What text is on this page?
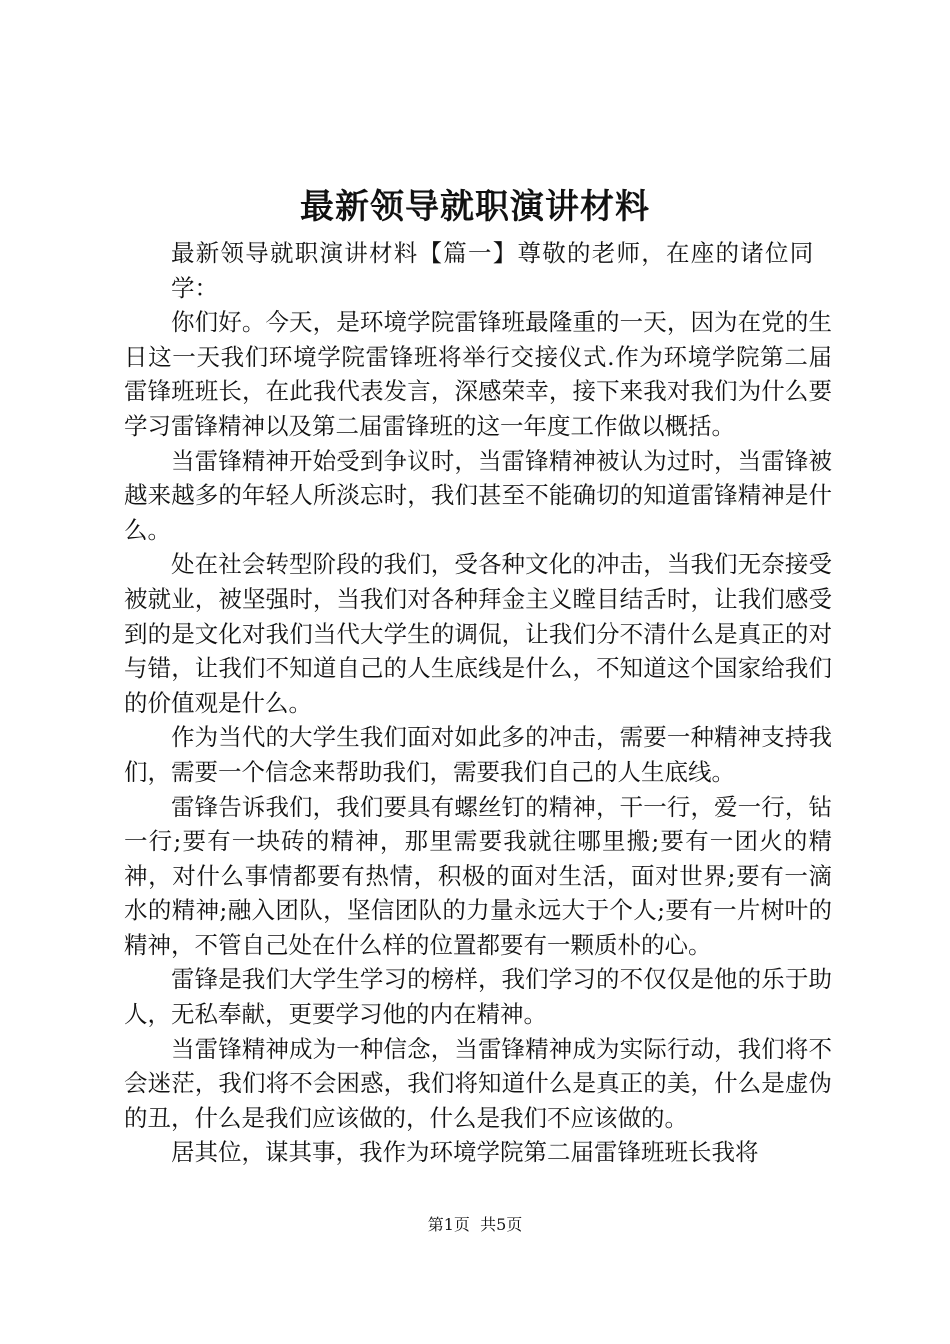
最新领导就职演讲材料

最新领导就职演讲材料【篇一】尊敬的老师，在座的诸位同学：

你们好。今天，是环境学院雷锋班最隆重的一天，因为在党的生日这一天我们环境学院雷锋班将举行交接仪式.作为环境学院第二届雷锋班班长，在此我代表发言，深感荣幸，接下来我对我们为什么要学习雷锋精神以及第二届雷锋班的这一年度工作做以概括。

当雷锋精神开始受到争议时，当雷锋精神被认为过时，当雷锋被越来越多的年轻人所淡忘时，我们甚至不能确切的知道雷锋精神是什么。

处在社会转型阶段的我们，受各种文化的冲击，当我们无奈接受被就业，被坚强时，当我们对各种拜金主义瞠目结舌时，让我们感受到的是文化对我们当代大学生的调侃，让我们分不清什么是真正的对与错，让我们不知道自己的人生底线是什么，不知道这个国家给我们的价值观是什么。

作为当代的大学生我们面对如此多的冲击，需要一种精神支持我们，需要一个信念来帮助我们，需要我们自己的人生底线。

雷锋告诉我们，我们要具有螺丝钉的精神，干一行，爱一行，钻一行;要有一块砖的精神，那里需要我就往哪里搬;要有一团火的精神，对什么事情都要有热情，积极的面对生活，面对世界;要有一滴水的精神;融入团队，坚信团队的力量永远大于个人;要有一片树叶的精神，不管自己处在什么样的位置都要有一颗质朴的心。

雷锋是我们大学生学习的榜样，我们学习的不仅仅是他的乐于助人，无私奉献，更要学习他的内在精神。

当雷锋精神成为一种信念，当雷锋精神成为实际行动，我们将不会迷茫，我们将不会困惑，我们将知道什么是真正的美，什么是虚伪的丑，什么是我们应该做的，什么是我们不应该做的。

居其位，谋其事，我作为环境学院第二届雷锋班班长我将

第1页 共5页
